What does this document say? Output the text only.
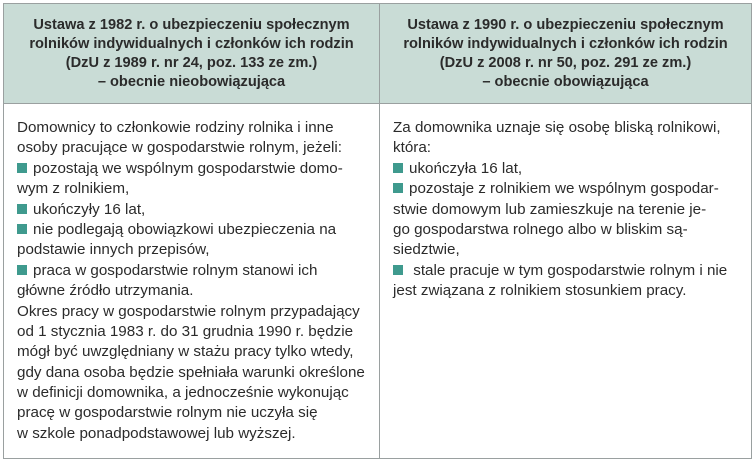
Ustawa z 1982 r. o ubezpieczeniu społecznym
rolników indywidualnych i członków ich rodzin
(DzU z 1989 r. nr 24, poz. 133 ze zm.)
– obecnie nieobowiązująca
Ustawa z 1990 r. o ubezpieczeniu społecznym
rolników indywidualnych i członków ich rodzin
(DzU z 2008 r. nr 50, poz. 291 ze zm.)
– obecnie obowiązująca
Domownicy to członkowie rodziny rolnika i inne
osoby pracujące w gospodarstwie rolnym, jeżeli:
pozostają we wspólnym gospodarstwie domo-
wym z rolnikiem,
ukończyły 16 lat,
nie podlegają obowiązkowi ubezpieczenia na
podstawie innych przepisów,
praca w gospodarstwie rolnym stanowi ich
główne źródło utrzymania.
Okres pracy w gospodarstwie rolnym przypadający
od 1 stycznia 1983 r. do 31 grudnia 1990 r. będzie
mógł być uwzględniany w stażu pracy tylko wtedy,
gdy dana osoba będzie spełniała warunki określone
w definicji domownika, a jednocześnie wykonując
pracę w gospodarstwie rolnym nie uczyła się
w szkole ponadpodstawowej lub wyższej.
Za domownika uznaje się osobę bliską rolnikowi,
która:
ukończyła 16 lat,
pozostaje z rolnikiem we wspólnym gospodar-
stwie domowym lub zamieszkuje na terenie je-
go gospodarstwa rolnego albo w bliskim są-
siedztwie,
stale pracuje w tym gospodarstwie rolnym i nie
jest związana z rolnikiem stosunkiem pracy.
